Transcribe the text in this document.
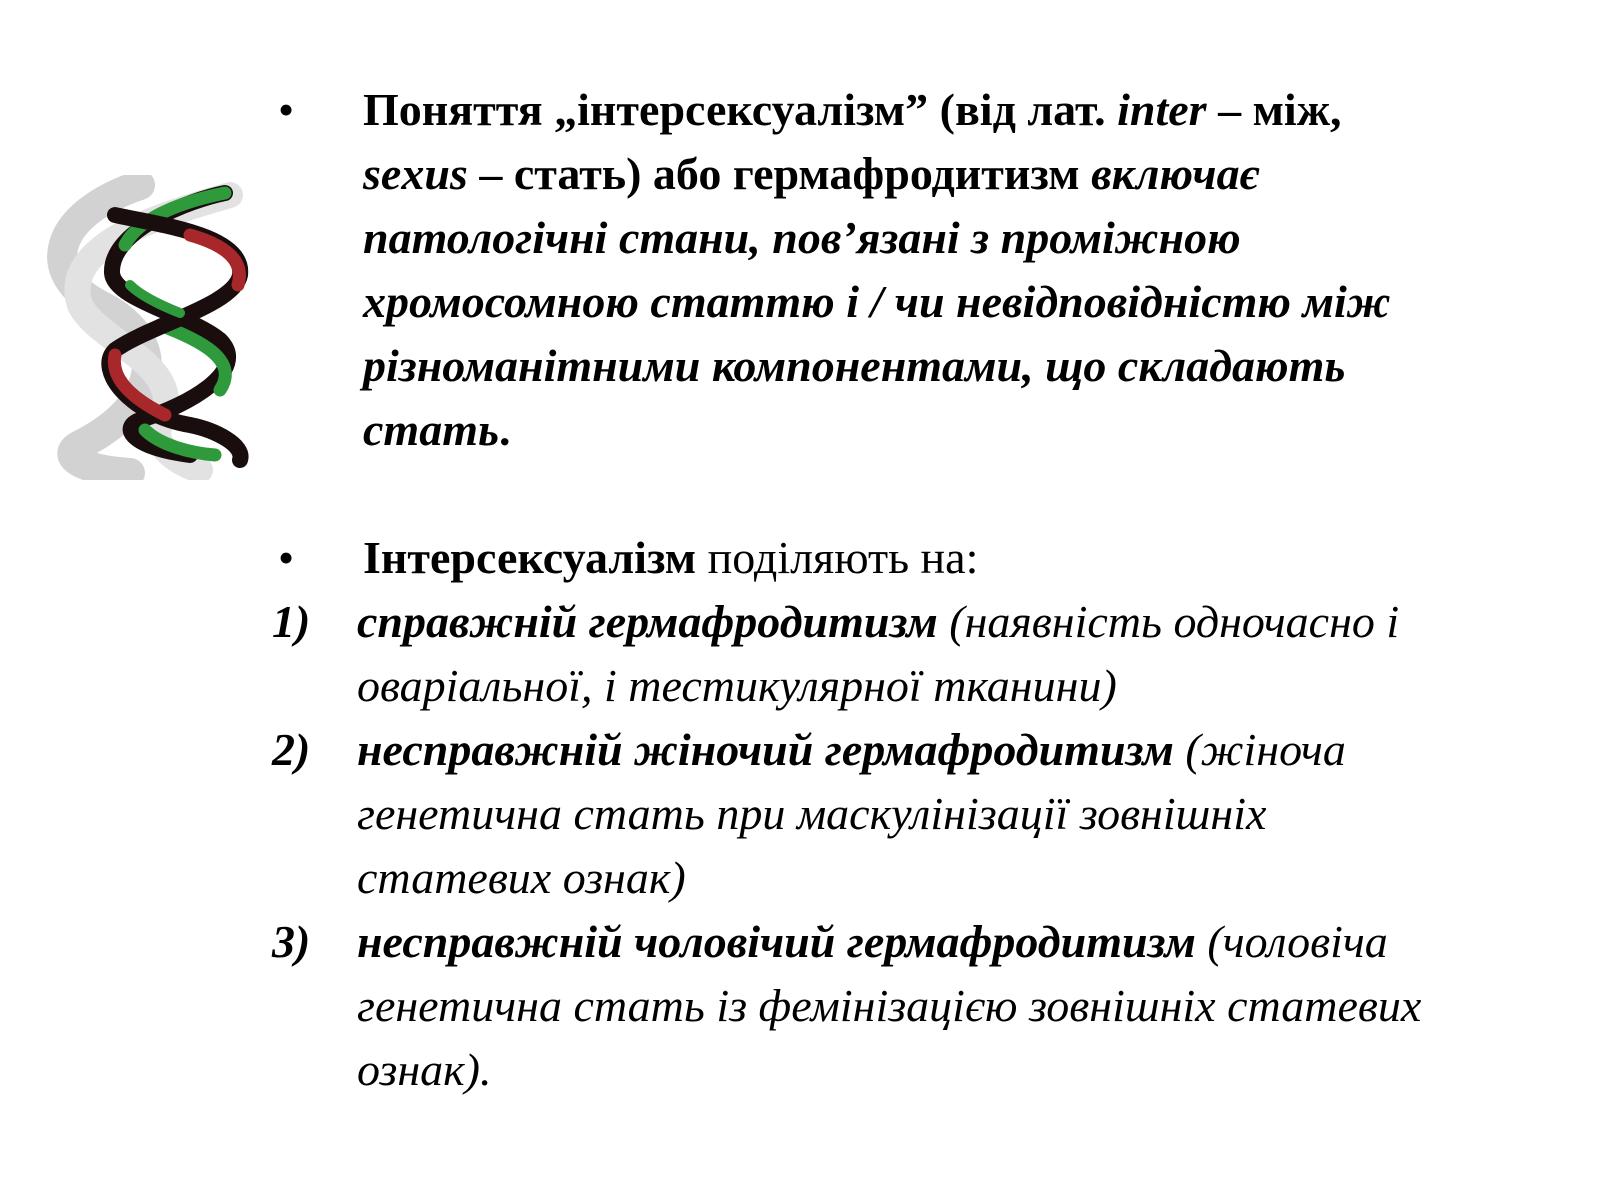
•	Поняття „інтерсексуалізм” (від лат. inter – між, sexus – стать) або гермафродитизм включає патологічні стани, пов’язані з проміжною хромосомною статтю і / чи невідповідністю між різноманітними компонентами, що складають стать.
•	Інтерсексуалізм поділяють на:
1)	справжній гермафродитизм (наявність одночасно і оваріальної, і тестикулярної тканини)
2)	несправжній жіночий гермафродитизм (жіноча генетична стать при маскулінізації зовнішніх статевих ознак)
3)	несправжній чоловічий гермафродитизм (чоловіча генетична стать із фемінізацією зовнішніх статевих ознак).
